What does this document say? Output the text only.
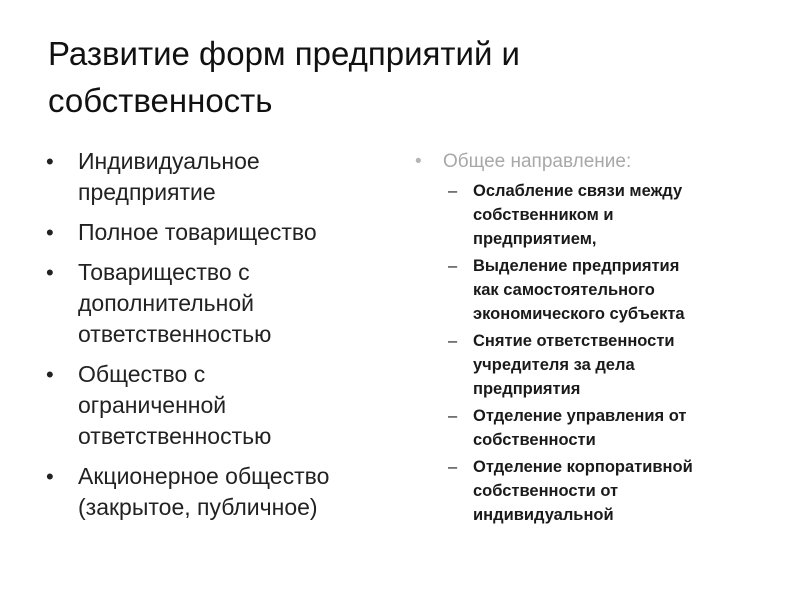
Развитие форм предприятий и
собственность
• Индивидуальное
предприятие
• Полное товарищество
• Товарищество с
дополнительной
ответственностью
• Общество с
ограниченной
ответственностью
• Акционерное общество
(закрытое, публичное)
• Общее направление:
– Ослабление связи между
собственником и
предприятием,
– Выделение предприятия
как самостоятельного
экономического субъекта
– Снятие ответственности
учредителя за дела
предприятия
– Отделение управления от
собственности
– Отделение корпоративной
собственности от
индивидуальной
